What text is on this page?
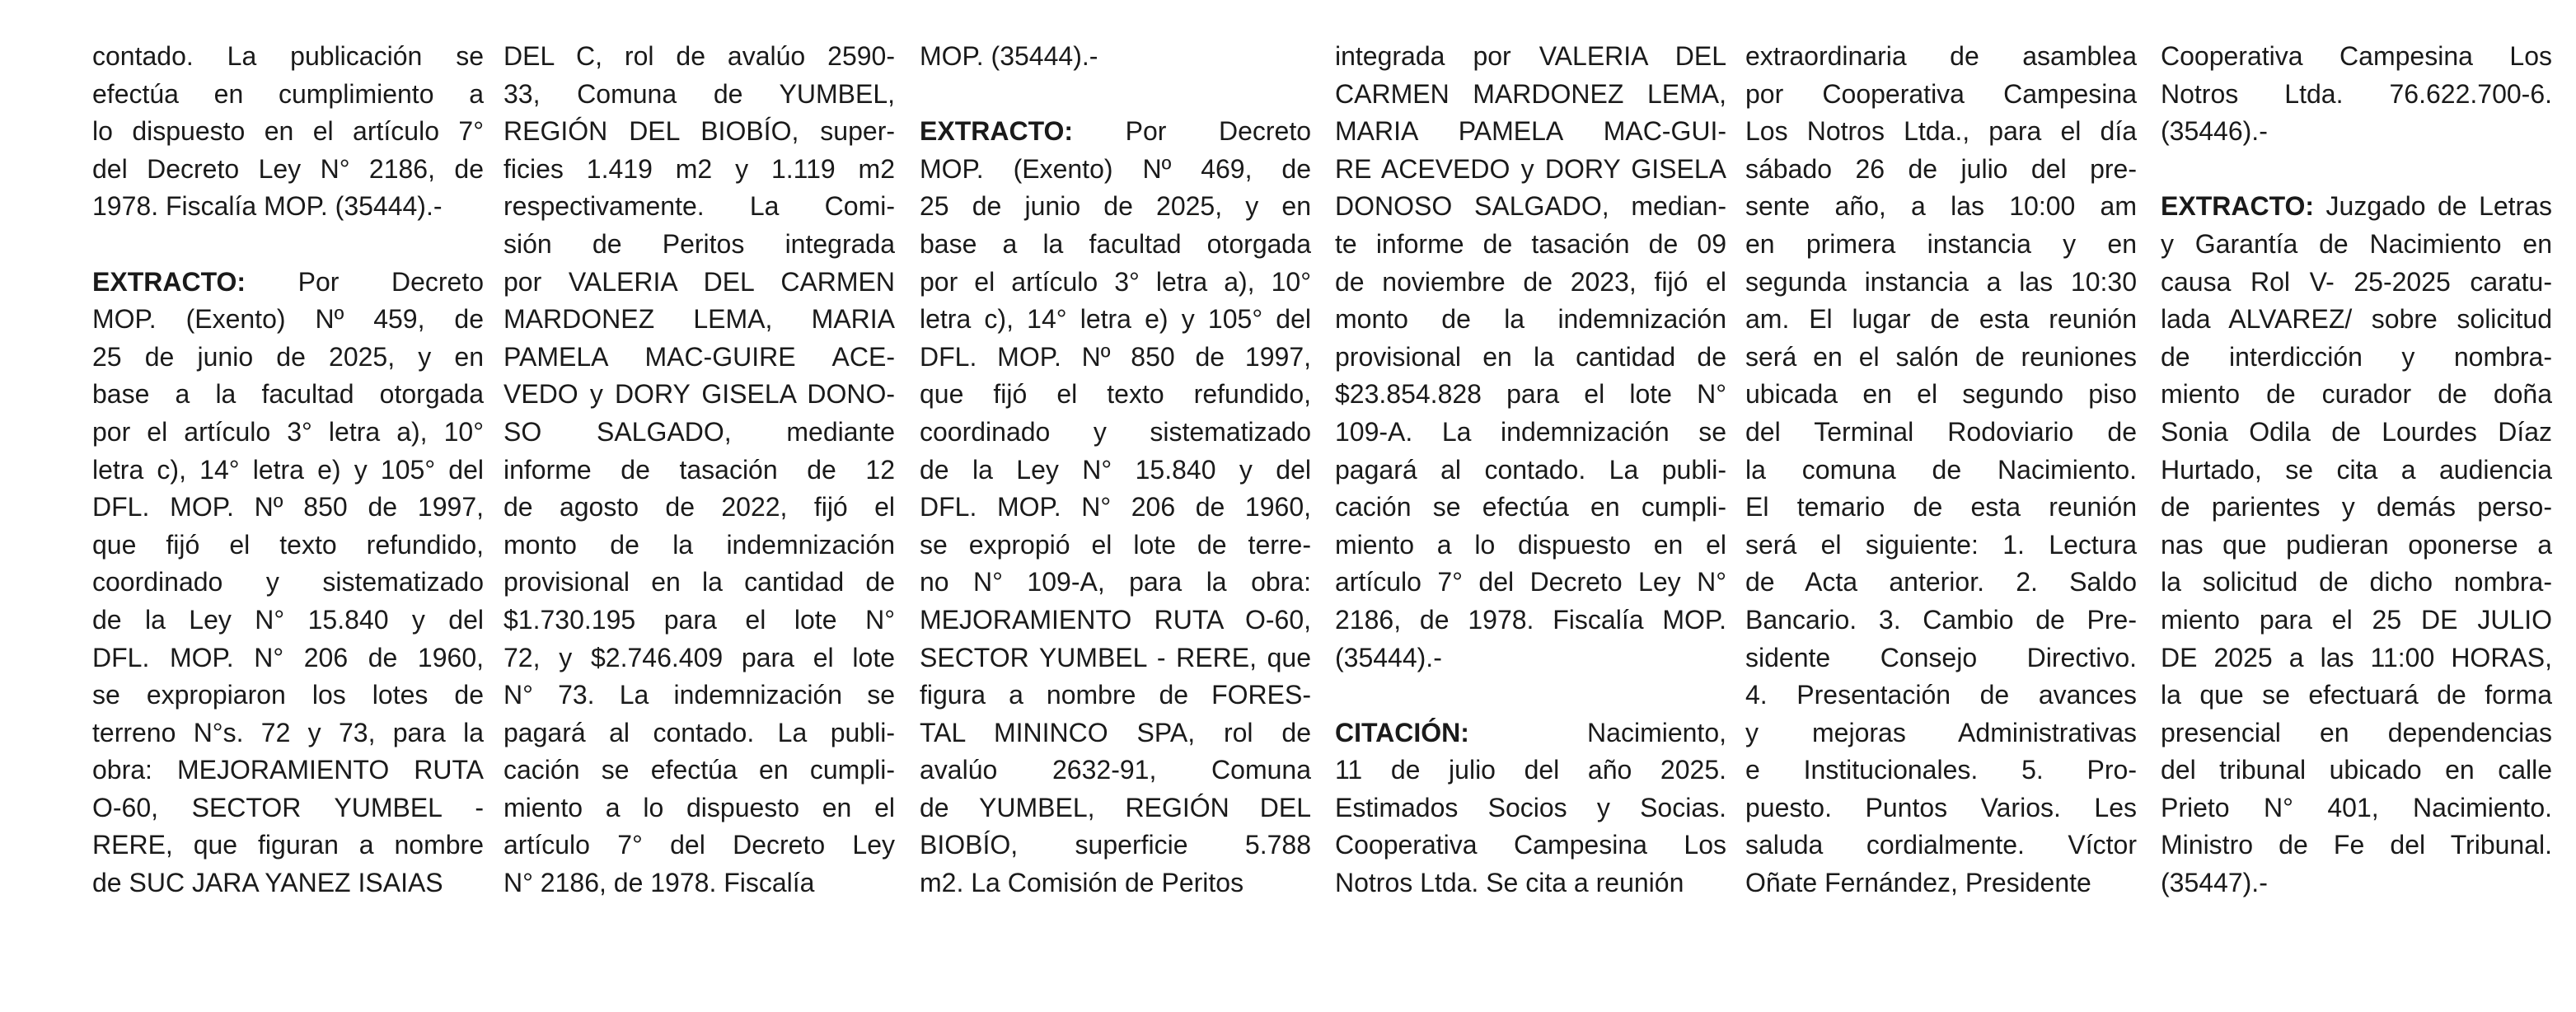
contado. La publicación se
efectúa en cumplimiento a
lo dispuesto en el artículo 7°
del Decreto Ley N° 2186, de
1978. Fiscalía MOP. (35444).-
EXTRACTO: Por Decreto
MOP. (Exento) Nº 459, de
25 de junio de 2025, y en
base a la facultad otorgada
por el artículo 3° letra a), 10°
letra c), 14° letra e) y 105° del
DFL. MOP. Nº 850 de 1997,
que fijó el texto refundido,
coordinado y sistematizado
de la Ley N° 15.840 y del
DFL. MOP. N° 206 de 1960,
se expropiaron los lotes de
terreno N°s. 72 y 73, para la
obra: MEJORAMIENTO RUTA
O-60, SECTOR YUMBEL -
RERE, que figuran a nombre
de SUC JARA YANEZ ISAIAS
DEL C, rol de avalúo 2590-
33, Comuna de YUMBEL,
REGIÓN DEL BIOBÍO, super-
ficies 1.419 m2 y 1.119 m2
respectivamente. La Comi-
sión de Peritos integrada
por VALERIA DEL CARMEN
MARDONEZ LEMA, MARIA
PAMELA MAC-GUIRE ACE-
VEDO y DORY GISELA DONO-
SO SALGADO, mediante
informe de tasación de 12
de agosto de 2022, fijó el
monto de la indemnización
provisional en la cantidad de
$1.730.195 para el lote N°
72, y $2.746.409 para el lote
N° 73. La indemnización se
pagará al contado. La publi-
cación se efectúa en cumpli-
miento a lo dispuesto en el
artículo 7° del Decreto Ley
N° 2186, de 1978. Fiscalía
MOP. (35444).-
EXTRACTO: Por Decreto
MOP. (Exento) Nº 469, de
25 de junio de 2025, y en
base a la facultad otorgada
por el artículo 3° letra a), 10°
letra c), 14° letra e) y 105° del
DFL. MOP. Nº 850 de 1997,
que fijó el texto refundido,
coordinado y sistematizado
de la Ley N° 15.840 y del
DFL. MOP. N° 206 de 1960,
se expropió el lote de terre-
no N° 109-A, para la obra:
MEJORAMIENTO RUTA O-60,
SECTOR YUMBEL - RERE, que
figura a nombre de FORES-
TAL MININCO SPA, rol de
avalúo 2632-91, Comuna
de YUMBEL, REGIÓN DEL
BIOBÍO, superficie 5.788
m2. La Comisión de Peritos
integrada por VALERIA DEL
CARMEN MARDONEZ LEMA,
MARIA PAMELA MAC-GUI-
RE ACEVEDO y DORY GISELA
DONOSO SALGADO, median-
te informe de tasación de 09
de noviembre de 2023, fijó el
monto de la indemnización
provisional en la cantidad de
$23.854.828 para el lote N°
109-A. La indemnización se
pagará al contado. La publi-
cación se efectúa en cumpli-
miento a lo dispuesto en el
artículo 7° del Decreto Ley N°
2186, de 1978. Fiscalía MOP.
(35444).-
CITACIÓN: Nacimiento,
11 de julio del año 2025.
Estimados Socios y Socias.
Cooperativa Campesina Los
Notros Ltda. Se cita a reunión
extraordinaria de asamblea
por Cooperativa Campesina
Los Notros Ltda., para el día
sábado 26 de julio del pre-
sente año, a las 10:00 am
en primera instancia y en
segunda instancia a las 10:30
am. El lugar de esta reunión
será en el salón de reuniones
ubicada en el segundo piso
del Terminal Rodoviario de
la comuna de Nacimiento.
El temario de esta reunión
será el siguiente: 1. Lectura
de Acta anterior. 2. Saldo
Bancario. 3. Cambio de Pre-
sidente Consejo Directivo.
4. Presentación de avances
y mejoras Administrativas
e Institucionales. 5. Pro-
puesto. Puntos Varios. Les
saluda cordialmente. Víctor
Oñate Fernández, Presidente
Cooperativa Campesina Los
Notros Ltda. 76.622.700-6.
(35446).-
EXTRACTO: Juzgado de Letras
y Garantía de Nacimiento en
causa Rol V- 25-2025 caratu-
lada ALVAREZ/ sobre solicitud
de interdicción y nombra-
miento de curador de doña
Sonia Odila de Lourdes Díaz
Hurtado, se cita a audiencia
de parientes y demás perso-
nas que pudieran oponerse a
la solicitud de dicho nombra-
miento para el 25 DE JULIO
DE 2025 a las 11:00 HORAS,
la que se efectuará de forma
presencial en dependencias
del tribunal ubicado en calle
Prieto N° 401, Nacimiento.
Ministro de Fe del Tribunal.
(35447).-
